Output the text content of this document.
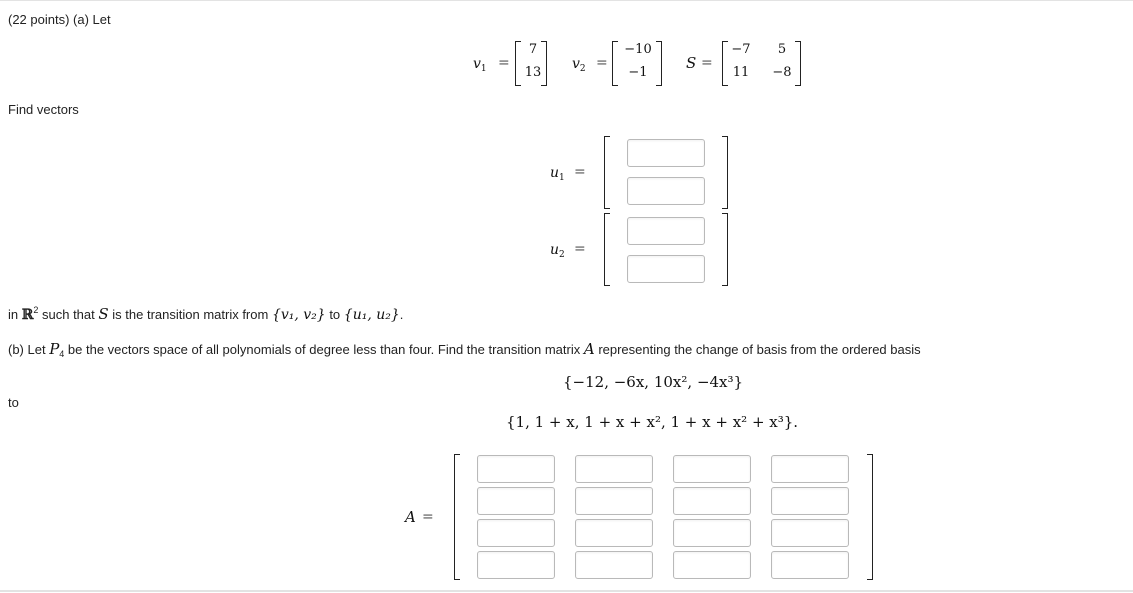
(22 points) (a) Let
$v_1$ =
7
13
$v_2$ =
−10
−1
S =
−7	5
11	−8
Find vectors
$u_1$ =
$u_2$ =
in ℝ$^2$ such that S is the transition matrix from {v₁, v₂} to {u₁, u₂}.
(b) Let $P_4$ be the vectors space of all polynomials of degree less than four. Find the transition matrix A representing the change of basis from the ordered basis
{−12, −6x, 10x², −4x³}
to
{1, 1 + x, 1 + x + x², 1 + x + x² + x³}.
A =
